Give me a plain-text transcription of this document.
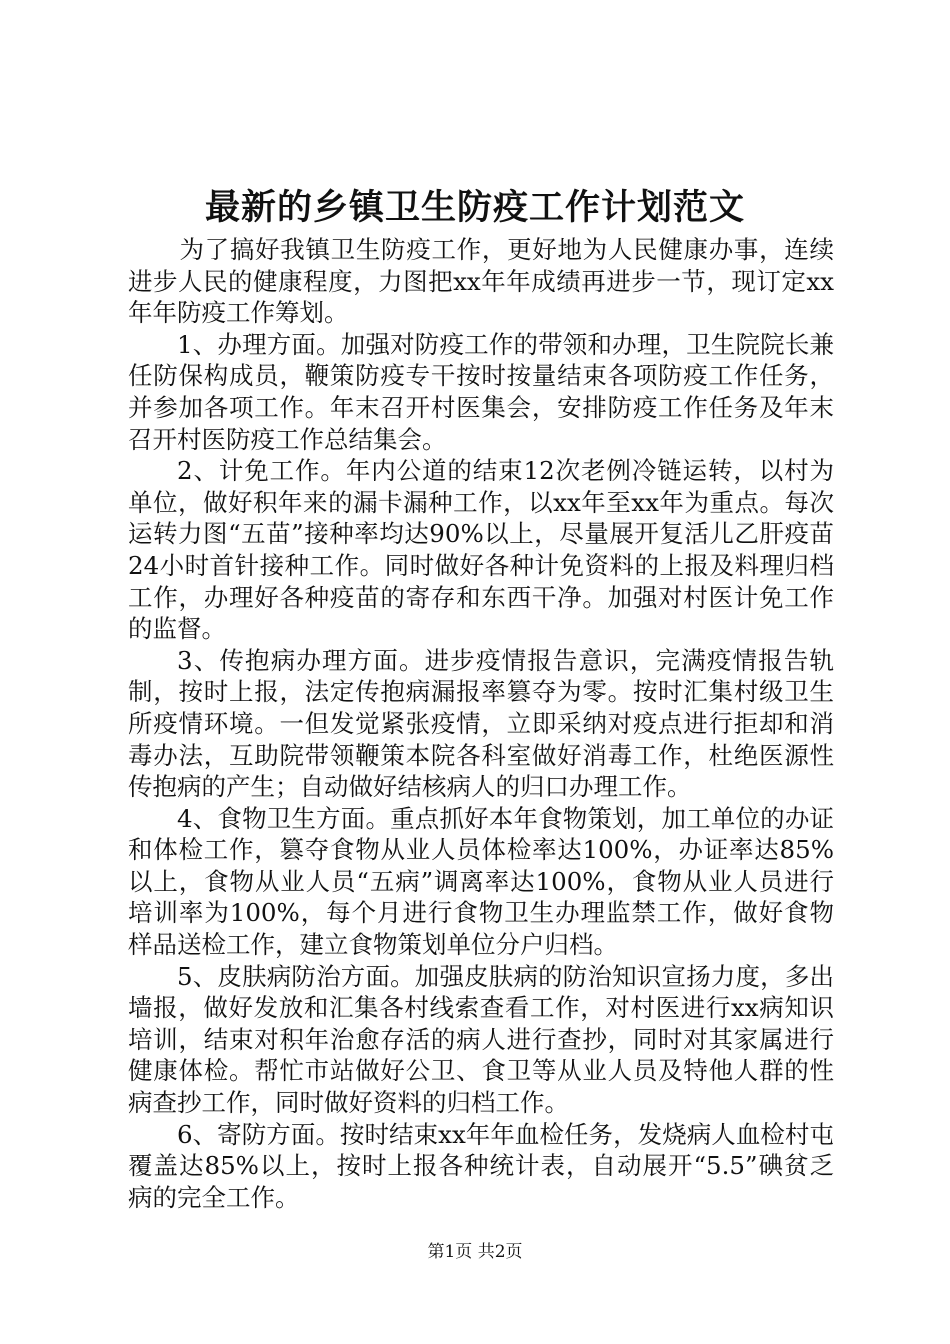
最新的乡镇卫生防疫工作计划范文

为了搞好我镇卫生防疫工作，更好地为人民健康办事，连续进步人民的健康程度，力图把xx年年成绩再进步一节，现订定xx年年防疫工作筹划。

1、办理方面。加强对防疫工作的带领和办理，卫生院院长兼任防保构成员，鞭策防疫专干按时按量结束各项防疫工作任务，并参加各项工作。年末召开村医集会，安排防疫工作任务及年末召开村医防疫工作总结集会。

2、计免工作。年内公道的结束12次老例冷链运转，以村为单位，做好积年来的漏卡漏种工作，以xx年至xx年为重点。每次运转力图“五苗”接种率均达90%以上，尽量展开复活儿乙肝疫苗24小时首针接种工作。同时做好各种计免资料的上报及料理归档工作，办理好各种疫苗的寄存和东西干净。加强对村医计免工作的监督。

3、传抱病办理方面。进步疫情报告意识，完满疫情报告轨制，按时上报，法定传抱病漏报率篡夺为零。按时汇集村级卫生所疫情环境。一但发觉紧张疫情，立即采纳对疫点进行拒却和消毒办法，互助院带领鞭策本院各科室做好消毒工作，杜绝医源性传抱病的产生；自动做好结核病人的归口办理工作。

4、食物卫生方面。重点抓好本年食物策划，加工单位的办证和体检工作，篡夺食物从业人员体检率达100%，办证率达85%以上，食物从业人员“五病”调离率达100%，食物从业人员进行培训率为100%，每个月进行食物卫生办理监禁工作，做好食物样品送检工作，建立食物策划单位分户归档。

5、皮肤病防治方面。加强皮肤病的防治知识宣扬力度，多出墙报，做好发放和汇集各村线索查看工作，对村医进行xx病知识培训，结束对积年治愈存活的病人进行查抄，同时对其家属进行健康体检。帮忙市站做好公卫、食卫等从业人员及特他人群的性病查抄工作，同时做好资料的归档工作。

6、寄防方面。按时结束xx年年血检任务，发烧病人血检村屯覆盖达85%以上，按时上报各种统计表，自动展开“5.5”碘贫乏病的完全工作。

第1页 共2页
